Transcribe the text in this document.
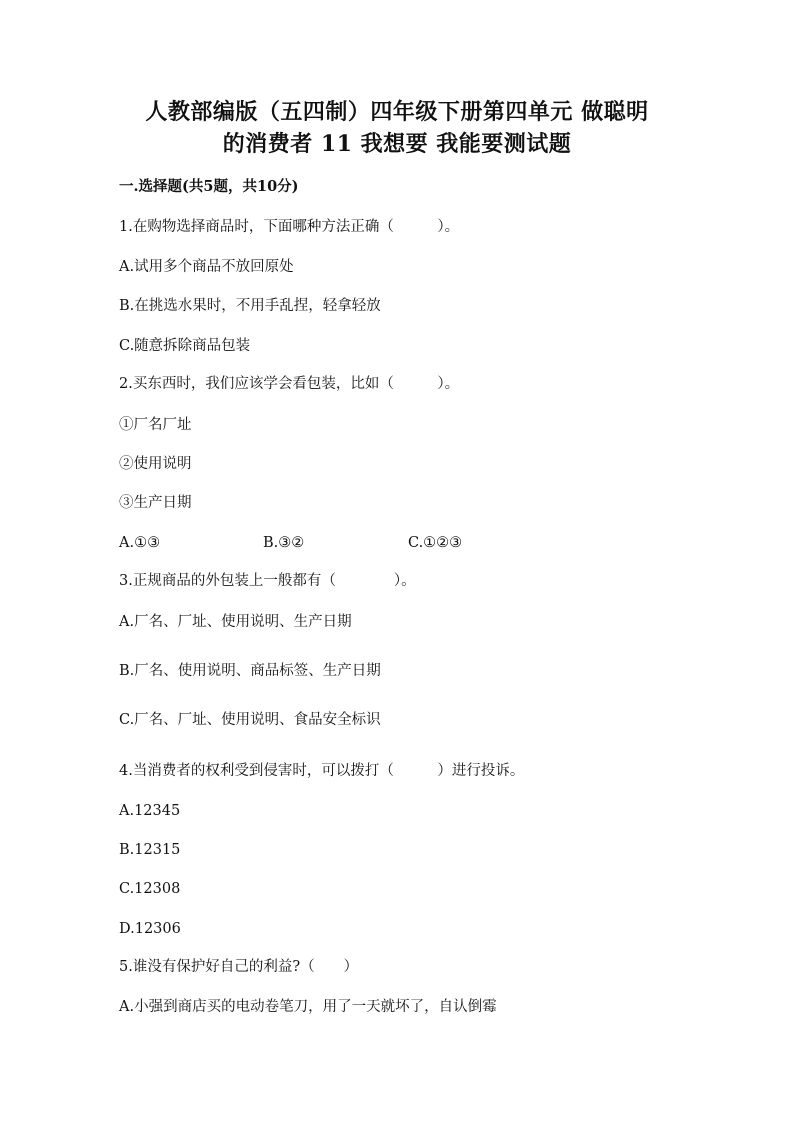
人教部编版（五四制）四年级下册第四单元 做聪明
的消费者 11 我想要 我能要测试题
一.选择题(共5题，共10分)
1.在购物选择商品时，下面哪种方法正确（　　　）。
A.试用多个商品不放回原处
B.在挑选水果时，不用手乱捏，轻拿轻放
C.随意拆除商品包装
2.买东西时，我们应该学会看包装，比如（　　　）。
①厂名厂址
②使用说明
③生产日期
A.①③	B.③②	C.①②③
3.正规商品的外包装上一般都有（　　　　）。
A.厂名、厂址、使用说明、生产日期
B.厂名、使用说明、商品标签、生产日期
C.厂名、厂址、使用说明、食品安全标识
4.当消费者的权利受到侵害时，可以拨打（　　　）进行投诉。
A.12345
B.12315
C.12308
D.12306
5.谁没有保护好自己的利益?（　　）
A.小强到商店买的电动卷笔刀，用了一天就坏了，自认倒霉
